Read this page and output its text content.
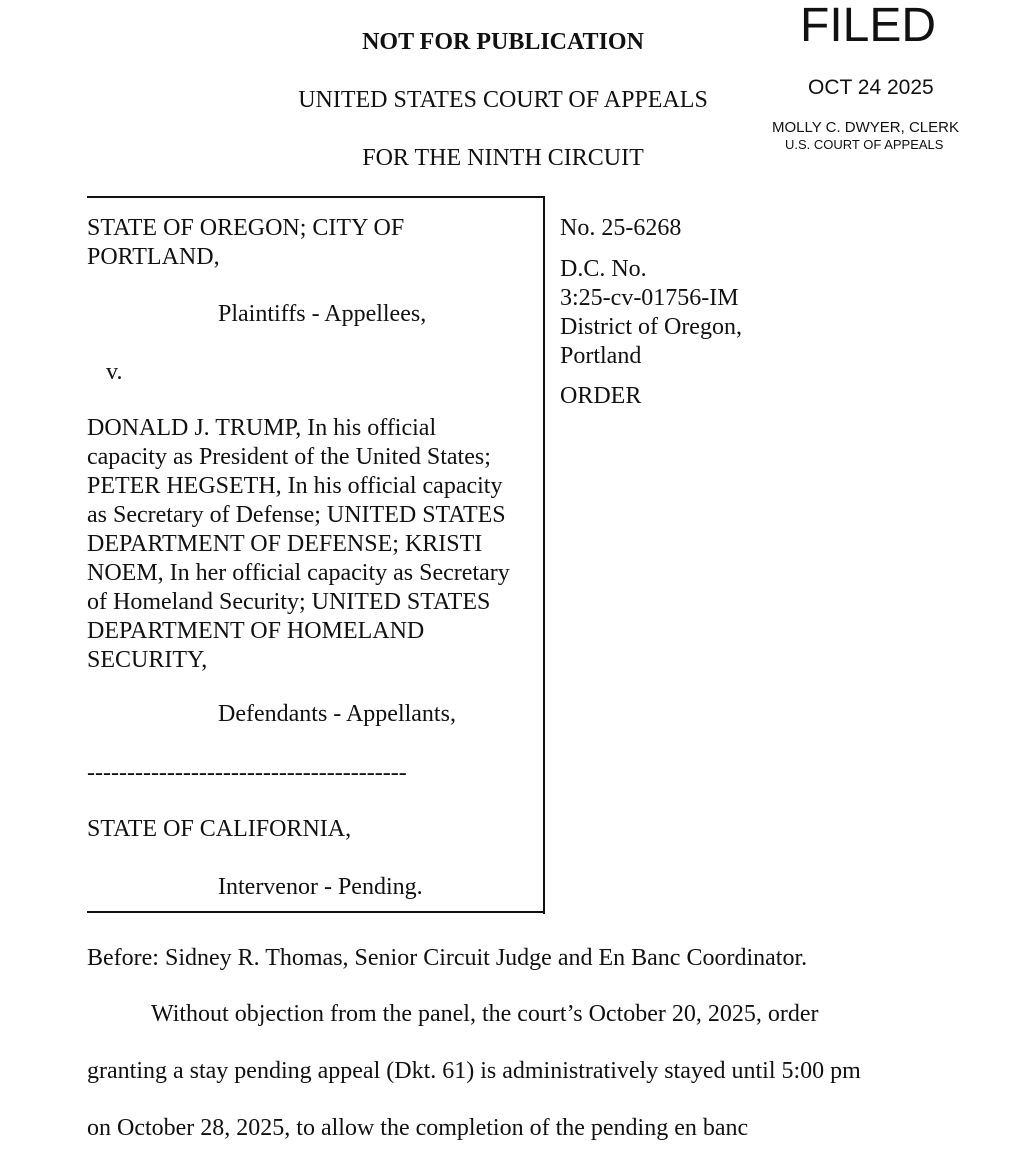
NOT FOR PUBLICATION
UNITED STATES COURT OF APPEALS
FOR THE NINTH CIRCUIT
FILED
OCT 24 2025
MOLLY C. DWYER, CLERK
U.S. COURT OF APPEALS
STATE OF OREGON; CITY OF
PORTLAND,
Plaintiffs - Appellees,
v.
DONALD J. TRUMP, In his official
capacity as President of the United States;
PETER HEGSETH, In his official capacity
as Secretary of Defense; UNITED STATES
DEPARTMENT OF DEFENSE; KRISTI
NOEM, In her official capacity as Secretary
of Homeland Security; UNITED STATES
DEPARTMENT OF HOMELAND
SECURITY,
Defendants - Appellants,
----------------------------------------
STATE OF CALIFORNIA,
Intervenor - Pending.
No. 25-6268
D.C. No.
3:25-cv-01756-IM
District of Oregon,
Portland
ORDER
Before: Sidney R. Thomas, Senior Circuit Judge and En Banc Coordinator.
Without objection from the panel, the court’s October 20, 2025, order
granting a stay pending appeal (Dkt. 61) is administratively stayed until 5:00 pm
on October 28, 2025, to allow the completion of the pending en banc
